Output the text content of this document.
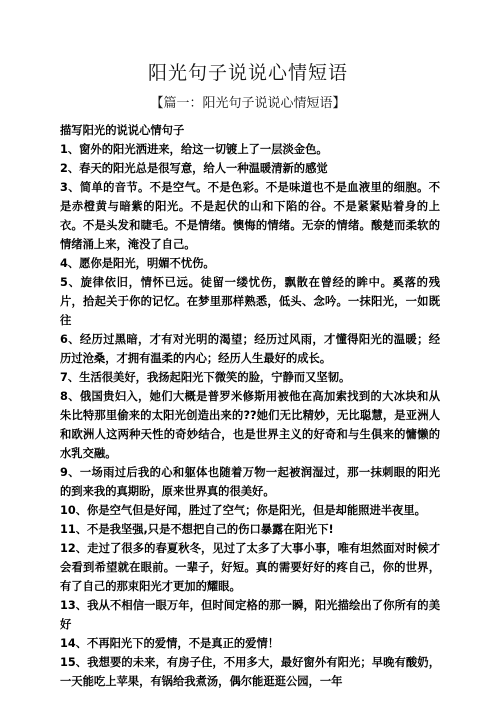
阳光句子说说心情短语
【篇一：阳光句子说说心情短语】

描写阳光的说说心情句子

1、窗外的阳光洒进来，给这一切镀上了一层淡金色。

2、春天的阳光总是很写意，给人一种温暖清新的感觉

3、简单的音节。不是空气。不是色彩。不是味道也不是血液里的细胞。不是赤橙黄与暗紫的阳光。不是起伏的山和下陷的谷。不是紧紧贴着身的上衣。不是头发和睫毛。不是情绪。懊悔的情绪。无奈的情绪。酸楚而柔软的情绪涌上来，淹没了自己。

4、愿你是阳光，明媚不忧伤。

5、旋律依旧，情怀已远。徒留一缕忧伤，飘散在曾经的眸中。奚落的残片，拾起关于你的记忆。在梦里那样熟悉，低头、念吟。一抹阳光，一如既往

6、经历过黑暗，才有对光明的渴望；经历过风雨，才懂得阳光的温暖；经历过沧桑，才拥有温柔的内心；经历人生最好的成长。

7、生活很美好，我扬起阳光下微笑的脸，宁静而又坚韧。

8、俄国贵妇入，她们大概是普罗米修斯用被他在高加索找到的大冰块和从朱比特那里偷来的太阳光创造出来的??她们无比精妙，无比聪慧，是亚洲人和欧洲人这两种天性的奇妙结合，也是世界主义的好奇和与生俱来的慵懒的水乳交融。

9、一场雨过后我的心和躯体也随着万物一起被润湿过，那一抹刺眼的阳光的到来我的真期盼，原来世界真的很美好。

10、你是空气但是好闻，胜过了空气；你是阳光，但是却能照进半夜里。

11、不是我坚强,只是不想把自己的伤口暴露在阳光下!

12、走过了很多的春夏秋冬，见过了太多了大事小事，唯有坦然面对时候才会看到希望就在眼前。一辈子，好短。真的需要好好的疼自己，你的世界，有了自己的那束阳光才更加的耀眼。

13、我从不相信一眼万年，但时间定格的那一瞬，阳光描绘出了你所有的美好

14、不再阳光下的爱情，不是真正的爱情！

15、我想要的未来，有房子住，不用多大，最好窗外有阳光；早晚有酸奶，一天能吃上苹果，有锅给我煮汤，偶尔能逛逛公园，一年
